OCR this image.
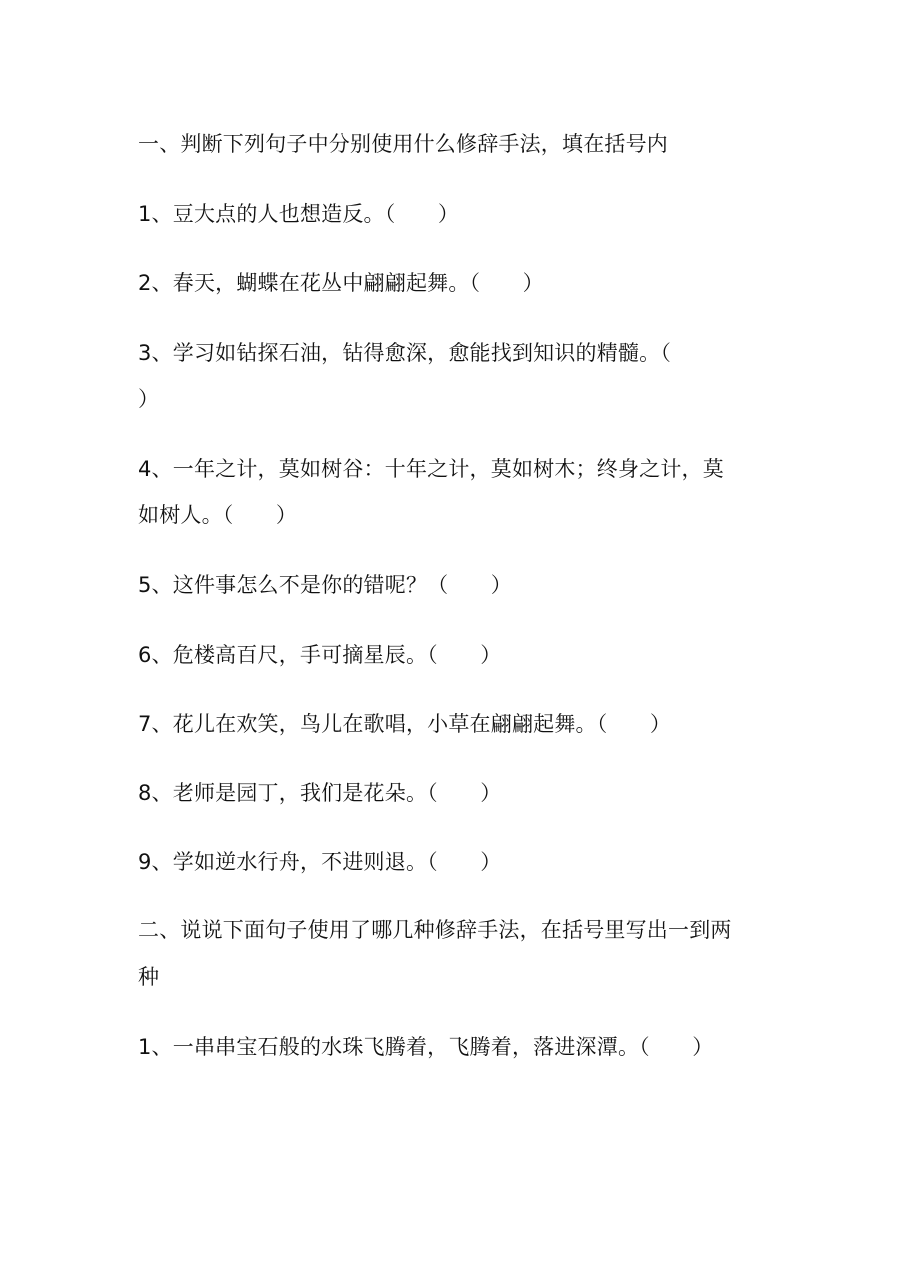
一、判断下列句子中分别使用什么修辞手法，填在括号内
1、豆大点的人也想造反。（　　）
2、春天，蝴蝶在花丛中翩翩起舞。（　　）
3、学习如钻探石油，钻得愈深，愈能找到知识的精髓。（
）
4、一年之计，莫如树谷：十年之计，莫如树木；终身之计，莫
如树人。（　　）
5、这件事怎么不是你的错呢？（　　）
6、危楼高百尺，手可摘星辰。（　　）
7、花儿在欢笑，鸟儿在歌唱，小草在翩翩起舞。（　　）
8、老师是园丁，我们是花朵。（　　）
9、学如逆水行舟，不进则退。（　　）
二、说说下面句子使用了哪几种修辞手法，在括号里写出一到两
种
1、一串串宝石般的水珠飞腾着，飞腾着，落进深潭。（　　）
